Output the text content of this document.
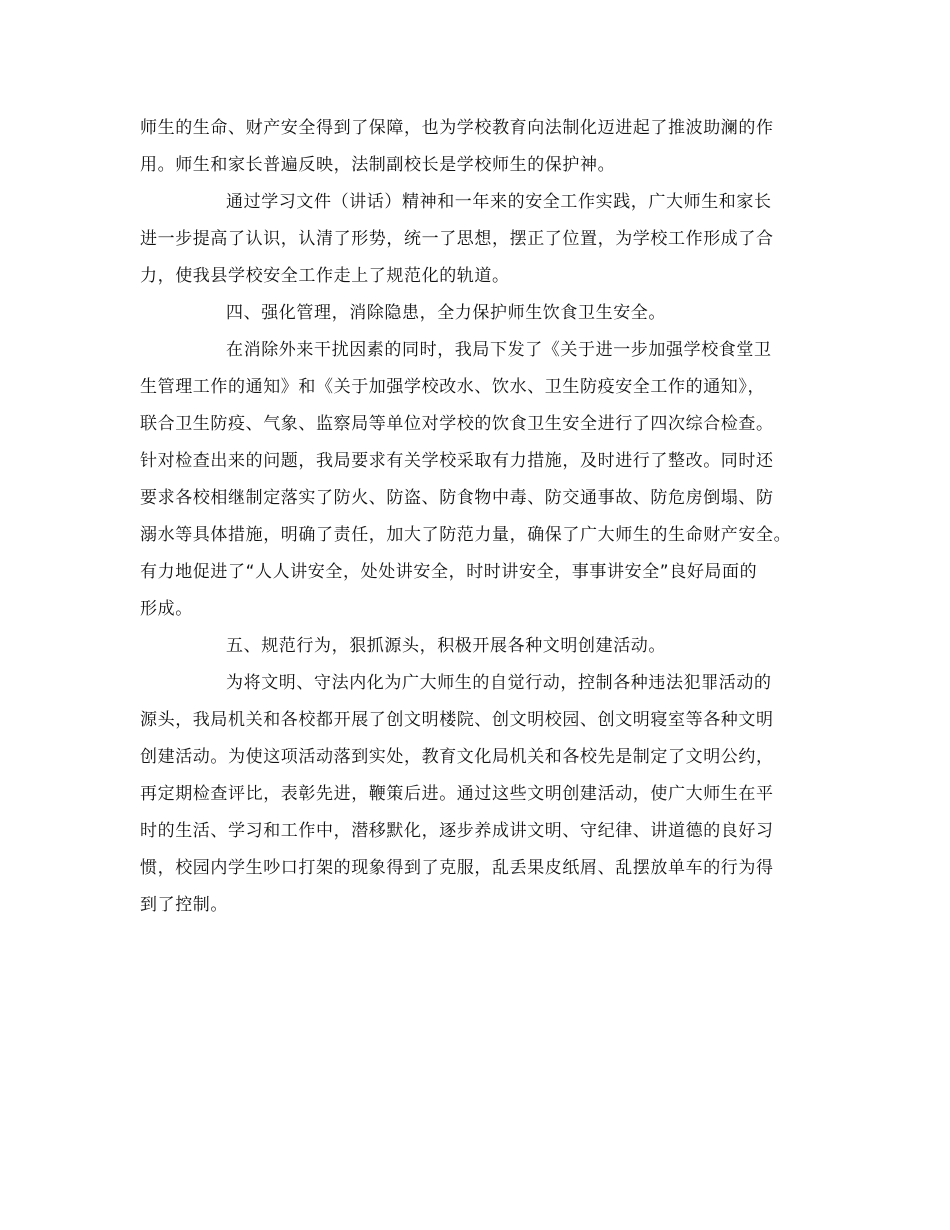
师生的生命、财产安全得到了保障，也为学校教育向法制化迈进起了推波助澜的作
用。师生和家长普遍反映，法制副校长是学校师生的保护神。
通过学习文件（讲话）精神和一年来的安全工作实践，广大师生和家长
进一步提高了认识，认清了形势，统一了思想，摆正了位置，为学校工作形成了合
力，使我县学校安全工作走上了规范化的轨道。
四、强化管理，消除隐患，全力保护师生饮食卫生安全。
在消除外来干扰因素的同时，我局下发了《关于进一步加强学校食堂卫
生管理工作的通知》和《关于加强学校改水、饮水、卫生防疫安全工作的通知》，
联合卫生防疫、气象、监察局等单位对学校的饮食卫生安全进行了四次综合检查。
针对检查出来的问题，我局要求有关学校采取有力措施，及时进行了整改。同时还
要求各校相继制定落实了防火、防盗、防食物中毒、防交通事故、防危房倒塌、防
溺水等具体措施，明确了责任，加大了防范力量，确保了广大师生的生命财产安全。
有力地促进了“人人讲安全，处处讲安全，时时讲安全，事事讲安全”良好局面的
形成。
五、规范行为，狠抓源头，积极开展各种文明创建活动。
为将文明、守法内化为广大师生的自觉行动，控制各种违法犯罪活动的
源头，我局机关和各校都开展了创文明楼院、创文明校园、创文明寝室等各种文明
创建活动。为使这项活动落到实处，教育文化局机关和各校先是制定了文明公约，
再定期检查评比，表彰先进，鞭策后进。通过这些文明创建活动，使广大师生在平
时的生活、学习和工作中，潜移默化，逐步养成讲文明、守纪律、讲道德的良好习
惯，校园内学生吵口打架的现象得到了克服，乱丢果皮纸屑、乱摆放单车的行为得
到了控制。
